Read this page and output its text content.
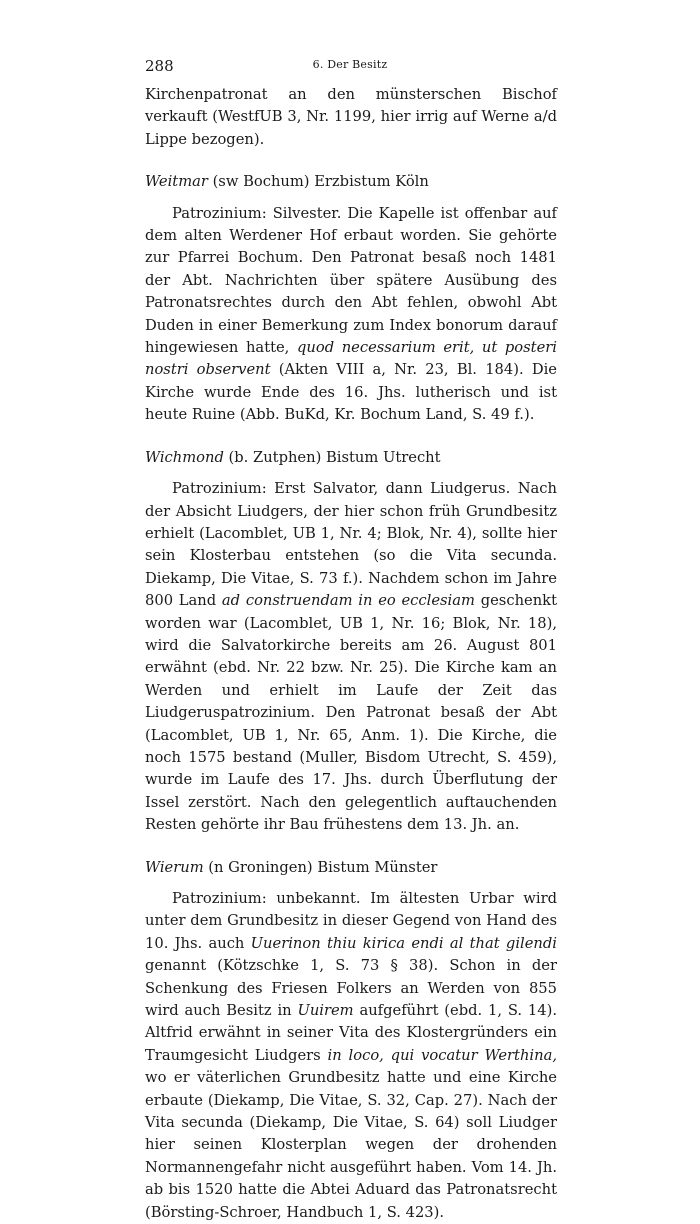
288	6. Der Besitz

Kirchenpatronat an den münsterschen Bischof verkauft (WestfUB 3, Nr. 1199, hier irrig auf Werne a/d Lippe bezogen).

Weitmar (sw Bochum) Erzbistum Köln

Patrozinium: Silvester. Die Kapelle ist offenbar auf dem alten Werdener Hof erbaut worden. Sie gehörte zur Pfarrei Bochum. Den Patronat besaß noch 1481 der Abt. Nachrichten über spätere Ausübung des Patronatsrechtes durch den Abt fehlen, obwohl Abt Duden in einer Bemerkung zum Index bonorum darauf hingewiesen hatte, quod necessarium erit, ut posteri nostri observent (Akten VIII a, Nr. 23, Bl. 184). Die Kirche wurde Ende des 16. Jhs. lutherisch und ist heute Ruine (Abb. BuKd, Kr. Bochum Land, S. 49 f.).

Wichmond (b. Zutphen) Bistum Utrecht

Patrozinium: Erst Salvator, dann Liudgerus. Nach der Absicht Liudgers, der hier schon früh Grundbesitz erhielt (Lacomblet, UB 1, Nr. 4; Blok, Nr. 4), sollte hier sein Klosterbau entstehen (so die Vita secunda. Diekamp, Die Vitae, S. 73 f.). Nachdem schon im Jahre 800 Land ad construendam in eo ecclesiam geschenkt worden war (Lacomblet, UB 1, Nr. 16; Blok, Nr. 18), wird die Salvatorkirche bereits am 26. August 801 erwähnt (ebd. Nr. 22 bzw. Nr. 25). Die Kirche kam an Werden und erhielt im Laufe der Zeit das Liudgeruspatrozinium. Den Patronat besaß der Abt (Lacomblet, UB 1, Nr. 65, Anm. 1). Die Kirche, die noch 1575 bestand (Muller, Bisdom Utrecht, S. 459), wurde im Laufe des 17. Jhs. durch Überflutung der Issel zerstört. Nach den gelegentlich auftauchenden Resten gehörte ihr Bau frühestens dem 13. Jh. an.

Wierum (n Groningen) Bistum Münster

Patrozinium: unbekannt. Im ältesten Urbar wird unter dem Grundbesitz in dieser Gegend von Hand des 10. Jhs. auch Uuerinon thiu kirica endi al that gilendi genannt (Kötzschke 1, S. 73 § 38). Schon in der Schenkung des Friesen Folkers an Werden von 855 wird auch Besitz in Uuirem aufgeführt (ebd. 1, S. 14). Altfrid erwähnt in seiner Vita des Klostergründers ein Traumgesicht Liudgers in loco, qui vocatur Werthina, wo er väterlichen Grundbesitz hatte und eine Kirche erbaute (Diekamp, Die Vitae, S. 32, Cap. 27). Nach der Vita secunda (Diekamp, Die Vitae, S. 64) soll Liudger hier seinen Klosterplan wegen der drohenden Normannengefahr nicht ausgeführt haben. Vom 14. Jh. ab bis 1520 hatte die Abtei Aduard das Patronatsrecht (Börsting-Schroer, Handbuch 1, S. 423).
